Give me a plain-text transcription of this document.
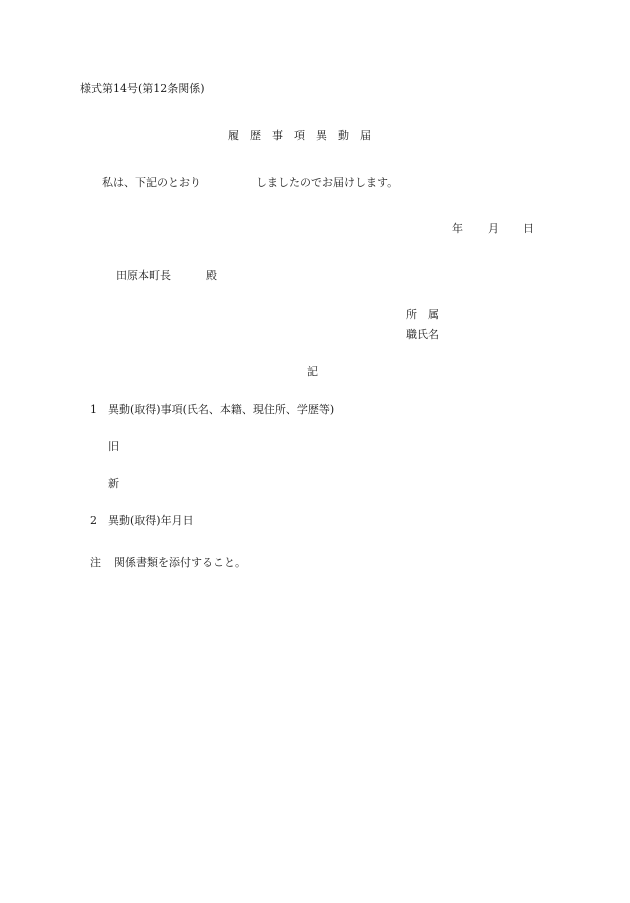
様式第14号(第12条関係)
履　歴　事　項　異　動　届
私は、下記のとおり	しましたのでお届けします。
年 月 日
田原本町長	殿
所　属
職氏名
記
1 異動(取得)事項(氏名、本籍、現住所、学歴等)
旧
新
2 異動(取得)年月日
注 関係書類を添付すること。
